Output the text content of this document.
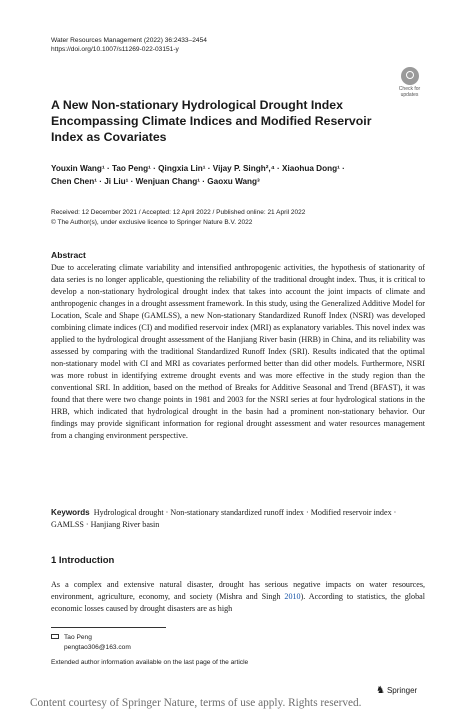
Water Resources Management (2022) 36:2433–2454
https://doi.org/10.1007/s11269-022-03151-y
Check for
updates
A New Non-stationary Hydrological Drought Index Encompassing Climate Indices and Modified Reservoir Index as Covariates
Youxin Wang¹ · Tao Peng¹ · Qingxia Lin¹ · Vijay P. Singh²,⁴ · Xiaohua Dong¹ ·
Chen Chen¹ · Ji Liu¹ · Wenjuan Chang¹ · Gaoxu Wang³
Received: 12 December 2021 / Accepted: 12 April 2022 / Published online: 21 April 2022
© The Author(s), under exclusive licence to Springer Nature B.V. 2022
Abstract
Due to accelerating climate variability and intensified anthropogenic activities, the hypothesis of stationarity of data series is no longer applicable, questioning the reliability of the traditional drought index. Thus, it is critical to develop a non-stationary hydrological drought index that takes into account the joint impacts of climate and anthropogenic changes in a drought assessment framework. In this study, using the Generalized Additive Model for Location, Scale and Shape (GAMLSS), a new Non-stationary Standardized Runoff Index (NSRI) was developed combining climate indices (CI) and modified reservoir index (MRI) as explanatory variables. This novel index was applied to the hydrological drought assessment of the Hanjiang River basin (HRB) in China, and its reliability was assessed by comparing with the traditional Standardized Runoff Index (SRI). Results indicated that the optimal non-stationary model with CI and MRI as covariates performed better than did other models. Furthermore, NSRI was more robust in identifying extreme drought events and was more effective in the study region than the conventional SRI. In addition, based on the method of Breaks for Additive Seasonal and Trend (BFAST), it was found that there were two change points in 1981 and 2003 for the NSRI series at four hydrological stations in the HRB, which indicated that hydrological drought in the basin had a prominent non-stationary behavior. Our findings may provide significant information for regional drought assessment and water resources management from a changing environment perspective.
Keywords Hydrological drought · Non-stationary standardized runoff index · Modified reservoir index · GAMLSS · Hanjiang River basin
1 Introduction
As a complex and extensive natural disaster, drought has serious negative impacts on water resources, environment, agriculture, economy, and society (Mishra and Singh 2010). According to statistics, the global economic losses caused by drought disasters are as high
Tao Peng
pengtao306@163.com
Extended author information available on the last page of the article
♞ Springer
Content courtesy of Springer Nature, terms of use apply. Rights reserved.
